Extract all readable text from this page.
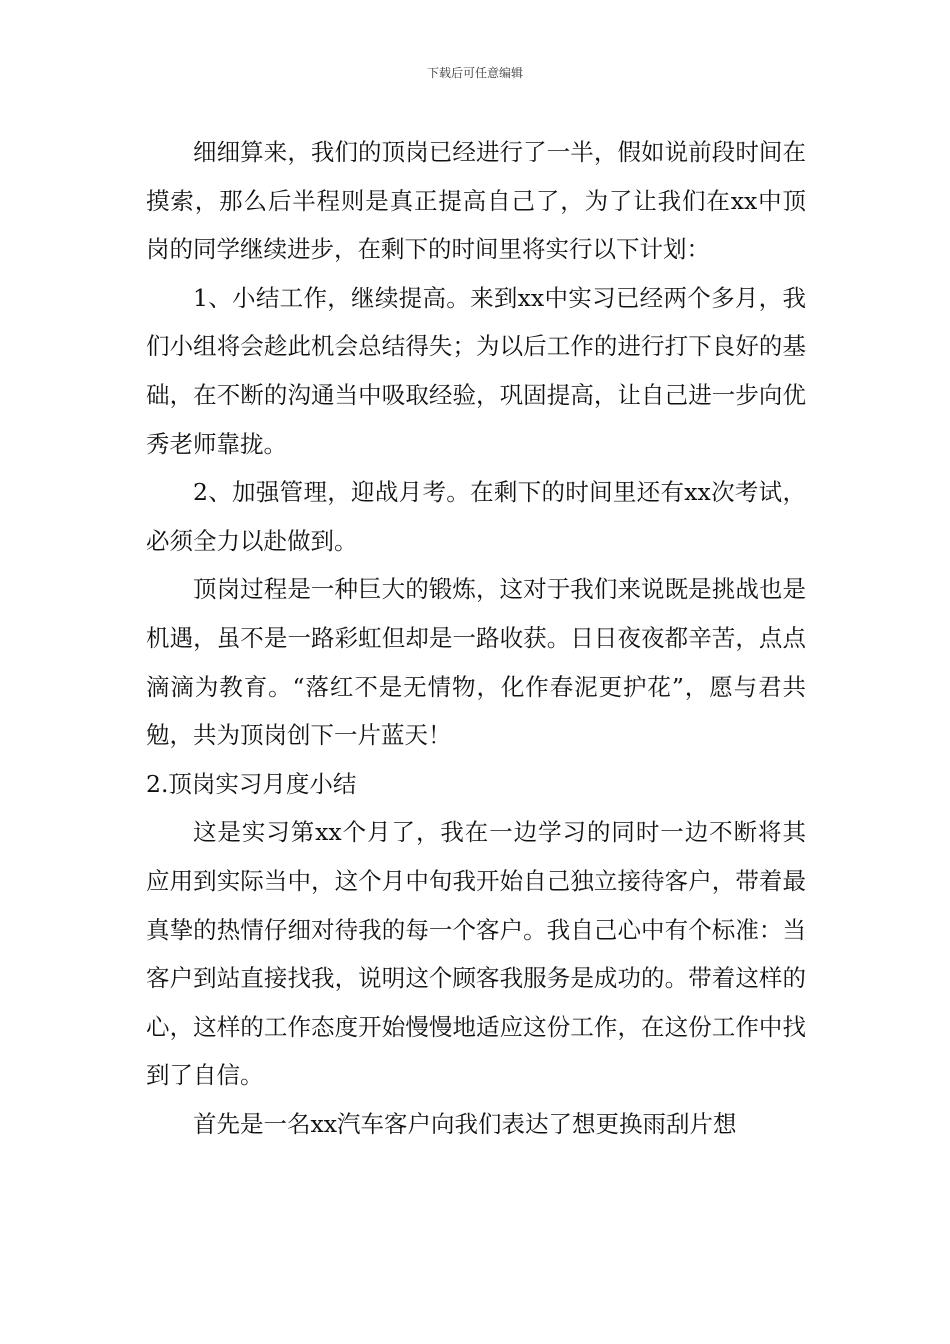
下载后可任意编辑

细细算来，我们的顶岗已经进行了一半，假如说前段时间在摸索，那么后半程则是真正提高自己了，为了让我们在xx中顶岗的同学继续进步，在剩下的时间里将实行以下计划：

1、小结工作，继续提高。来到xx中实习已经两个多月，我们小组将会趁此机会总结得失；为以后工作的进行打下良好的基础，在不断的沟通当中吸取经验，巩固提高，让自己进一步向优秀老师靠拢。

2、加强管理，迎战月考。在剩下的时间里还有xx次考试，必须全力以赴做到。

顶岗过程是一种巨大的锻炼，这对于我们来说既是挑战也是机遇，虽不是一路彩虹但却是一路收获。日日夜夜都辛苦，点点滴滴为教育。“落红不是无情物，化作春泥更护花”，愿与君共勉，共为顶岗创下一片蓝天！

2.顶岗实习月度小结

这是实习第xx个月了，我在一边学习的同时一边不断将其应用到实际当中，这个月中旬我开始自己独立接待客户，带着最真挚的热情仔细对待我的每一个客户。我自己心中有个标准：当客户到站直接找我，说明这个顾客我服务是成功的。带着这样的心，这样的工作态度开始慢慢地适应这份工作，在这份工作中找到了自信。

首先是一名xx汽车客户向我们表达了想更换雨刮片想
